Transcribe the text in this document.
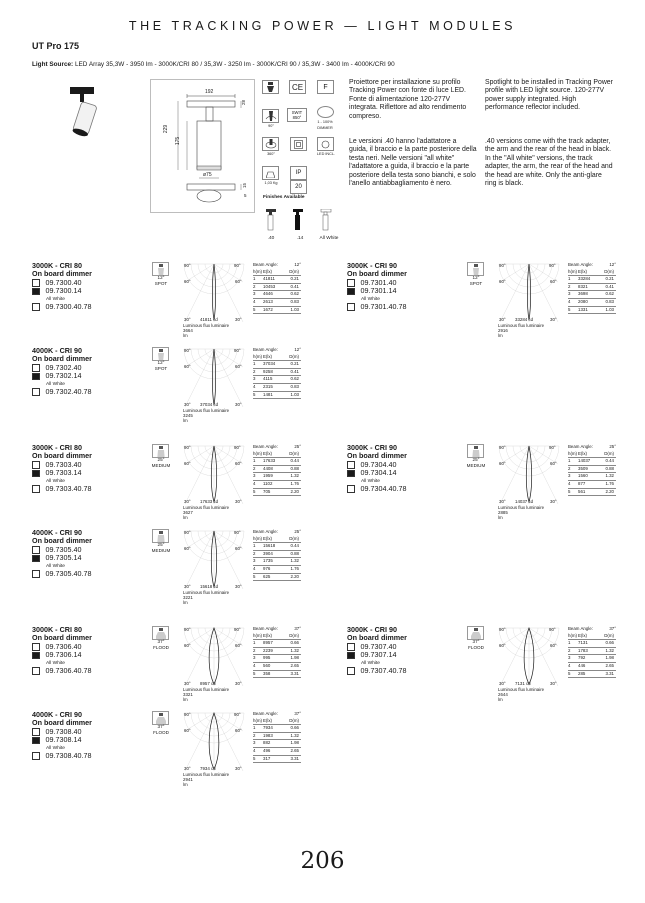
THE TRACKING POWER — LIGHT MODULES
UT Pro 175
Light Source: LED Array 35,3W - 3950 lm - 3000K/CRI 80 / 35,3W - 3250 lm - 3000K/CRI 90 / 35,3W - 3400 lm - 4000K/CRI 90
192
229
175
ø75
28
15
5
CE	F
90°
SWIT 850°
1 - 100%
DIMMER
360°	LED INCL.
1,03 Kg
IP
20
Finishes Available
.40	.14	All White
Proiettore per installazione su profilo Tracking Power con fonte di luce LED. Fonte di alimentazione 120-277V integrata. Riflettore ad alto rendimento compreso.
Le versioni .40 hanno l'adattatore a guida, il braccio e la parte posteriore della testa neri. Nelle versioni "all white" l'adattatore a guida, il braccio e la parte posteriore della testa sono bianchi, e solo l'anello antiabbagliamento è nero.
Spotlight to be installed in Tracking Power profile with LED light source. 120-277V power supply integrated. High performance reflector included.
.40 versions come with the track adapter, the arm and the rear of the head in black. In the "All white" versions, the track adapter, the arm, the rear of the head and the head are white. Only the anti-glare ring is black.
3000K - CRI 80
On board dimmer
09.7300.40
09.7300.14
All White
09.7300.40.78
12°
SPOT
90°	90°
60°	60°
30° 41811 cd	30°
Luminous flux luminaire
3664 lm
Beam Angle:	12°
h(m) E(lx)	D(m)
1	41811	0.21
2	10453	0.41
3	4646	0.62
4	2613	0.83
5	1672	1.03
3000K - CRI 90
On board dimmer
09.7301.40
09.7301.14
All White
09.7301.40.78
12°
SPOT
90°	90°
60°	60°
30° 33284 cd	30°
Luminous flux luminaire
2916 lm
Beam Angle:	12°
h(m) E(lx)	D(m)
1	33284	0.21
2	8321	0.41
3	3698	0.62
4	2080	0.83
5	1331	1.03
4000K - CRI 90
On board dimmer
09.7302.40
09.7302.14
All White
09.7302.40.78
12°
SPOT
90°	90°
60°	60°
30° 37034 cd	30°
Luminous flux luminaire
3245 lm
Beam Angle:	12°
h(m) E(lx)	D(m)
1	37034	0.21
2	9258	0.41
3	4115	0.62
4	2315	0.83
5	1481	1.03
3000K - CRI 80
On board dimmer
09.7303.40
09.7303.14
All White
09.7303.40.78
25°
MEDIUM
90°	90°
60°	60°
30° 17633 cd	30°
Luminous flux luminaire
3627 lm
Beam Angle:	25°
h(m) E(lx)	D(m)
1	17633	0.44
2	4408	0.88
3	1959	1.32
4	1102	1.76
5	705	2.20
3000K - CRI 90
On board dimmer
09.7304.40
09.7304.14
All White
09.7304.40.78
25°
MEDIUM
90°	90°
60°	60°
30° 14037 cd	30°
Luminous flux luminaire
2885 lm
Beam Angle:	25°
h(m) E(lx)	D(m)
1	14037	0.44
2	3509	0.88
3	1560	1.32
4	877	1.76
5	561	2.20
4000K - CRI 90
On board dimmer
09.7305.40
09.7305.14
All White
09.7305.40.78
25°
MEDIUM
90°	90°
60°	60°
30° 15618 cd	30°
Luminous flux luminaire
3221 lm
Beam Angle:	25°
h(m) E(lx)	D(m)
1	15618	0.44
2	3904	0.88
3	1735	1.32
4	976	1.76
5	625	2.20
3000K - CRI 80
On board dimmer
09.7306.40
09.7306.14
All White
09.7306.40.78
37°
FLOOD
90°	90°
60°	60°
30° 8957 cd	30°
Luminous flux luminaire
3321 lm
Beam Angle:	37°
h(m) E(lx)	D(m)
1	8957	0.66
2	2239	1.32
3	995	1.98
4	560	2.65
5	358	3.31
3000K - CRI 90
On board dimmer
09.7307.40
09.7307.14
All White
09.7307.40.78
37°
FLOOD
90°	90°
60°	60°
30° 7131 cd	30°
Luminous flux luminaire
2644 lm
Beam Angle:	37°
h(m) E(lx)	D(m)
1	7131	0.66
2	1783	1.32
3	792	1.98
4	446	2.65
5	285	3.31
4000K - CRI 90
On board dimmer
09.7308.40
09.7308.14
All White
09.7308.40.78
37°
FLOOD
90°	90°
60°	60°
30° 7934 cd	30°
Luminous flux luminaire
2941 lm
Beam Angle:	37°
h(m) E(lx)	D(m)
1	7934	0.66
2	1983	1.32
3	882	1.98
4	496	2.65
5	317	3.31
206
